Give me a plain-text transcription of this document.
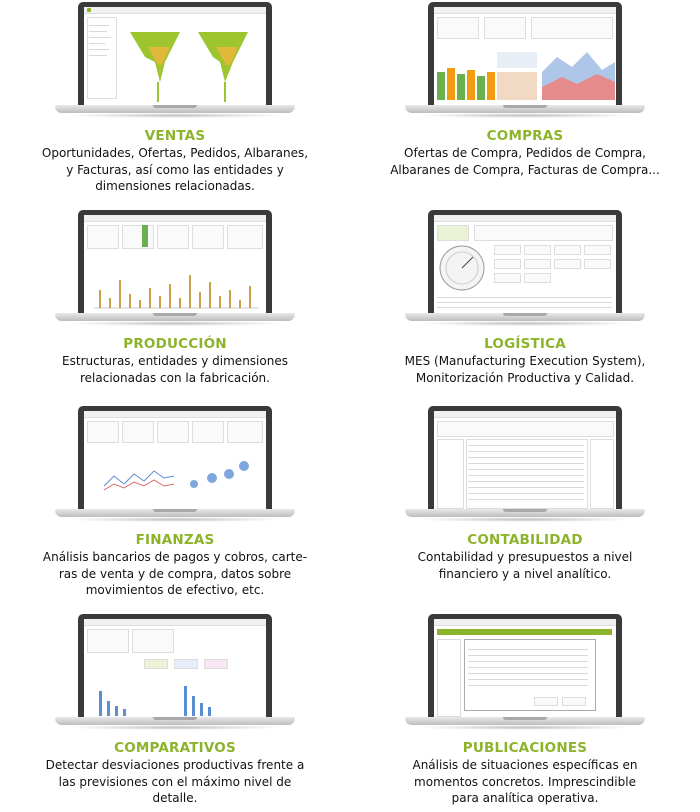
VENTAS
Oportunidades, Ofertas, Pedidos, Albaranes,
y Facturas, así como las entidades y
dimensiones relacionadas.
COMPRAS
Ofertas de Compra, Pedidos de Compra,
Albaranes de Compra, Facturas de Compra...
PRODUCCIÓN
Estructuras, entidades y dimensiones
relacionadas con la fabricación.
LOGÍSTICA
MES (Manufacturing Execution System),
Monitorización Productiva y Calidad.
FINANZAS
Análisis bancarios de pagos y cobros, carte-
ras de venta y de compra, datos sobre
movimientos de efectivo, etc.
CONTABILIDAD
Contabilidad y presupuestos a nivel
financiero y a nivel analítico.
COMPARATIVOS
Detectar desviaciones productivas frente a
las previsiones con el máximo nivel de
detalle.
PUBLICACIONES
Análisis de situaciones específicas en
momentos concretos. Imprescindible
para analítica operativa.
